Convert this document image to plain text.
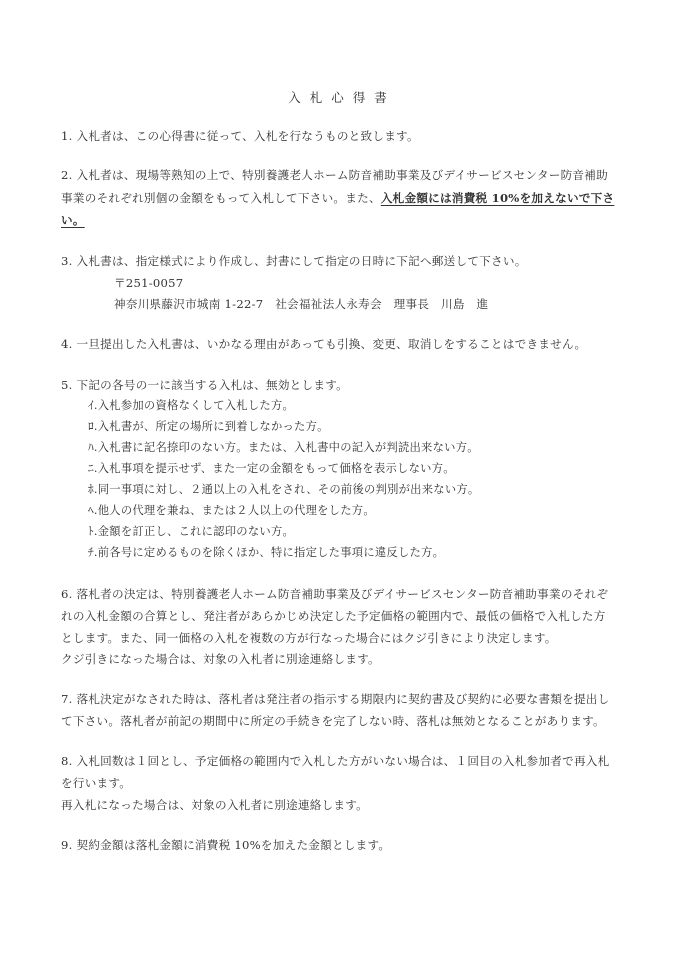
入札心得書

1. 入札者は、この心得書に従って、入札を行なうものと致します。

2. 入札者は、現場等熟知の上で、特別養護老人ホーム防音補助事業及びデイサービスセンター防音補助

事業のそれぞれ別個の金額をもって入札して下さい。また、入札金額には消費税 10%を加えないで下さ

い。

3. 入札書は、指定様式により作成し、封書にして指定の日時に下記へ郵送して下さい。

〒251-0057

神奈川県藤沢市城南 1-22-7　社会福祉法人永寿会　理事長　川島　進

4. 一旦提出した入札書は、いかなる理由があっても引換、変更、取消しをすることはできません。

5. 下記の各号の一に該当する入札は、無効とします。

ｲ.入札参加の資格なくして入札した方。

ﾛ.入札書が、所定の場所に到着しなかった方。

ﾊ.入札書に記名捺印のない方。または、入札書中の記入が判読出来ない方。

ﾆ.入札事項を提示せず、また一定の金額をもって価格を表示しない方。

ﾎ.同一事項に対し、２通以上の入札をされ、その前後の判別が出来ない方。

ﾍ.他人の代理を兼ね、または２人以上の代理をした方。

ﾄ.金額を訂正し、これに認印のない方。

ﾁ.前各号に定めるものを除くほか、特に指定した事項に違反した方。

6. 落札者の決定は、特別養護老人ホーム防音補助事業及びデイサービスセンター防音補助事業のそれぞ

れの入札金額の合算とし、発注者があらかじめ決定した予定価格の範囲内で、最低の価格で入札した方

とします。また、同一価格の入札を複数の方が行なった場合にはクジ引きにより決定します。

クジ引きになった場合は、対象の入札者に別途連絡します。

7. 落札決定がなされた時は、落札者は発注者の指示する期限内に契約書及び契約に必要な書類を提出し

て下さい。落札者が前記の期間中に所定の手続きを完了しない時、落札は無効となることがあります。

8. 入札回数は１回とし、予定価格の範囲内で入札した方がいない場合は、１回目の入札参加者で再入札

を行います。

再入札になった場合は、対象の入札者に別途連絡します。

9. 契約金額は落札金額に消費税 10%を加えた金額とします。
